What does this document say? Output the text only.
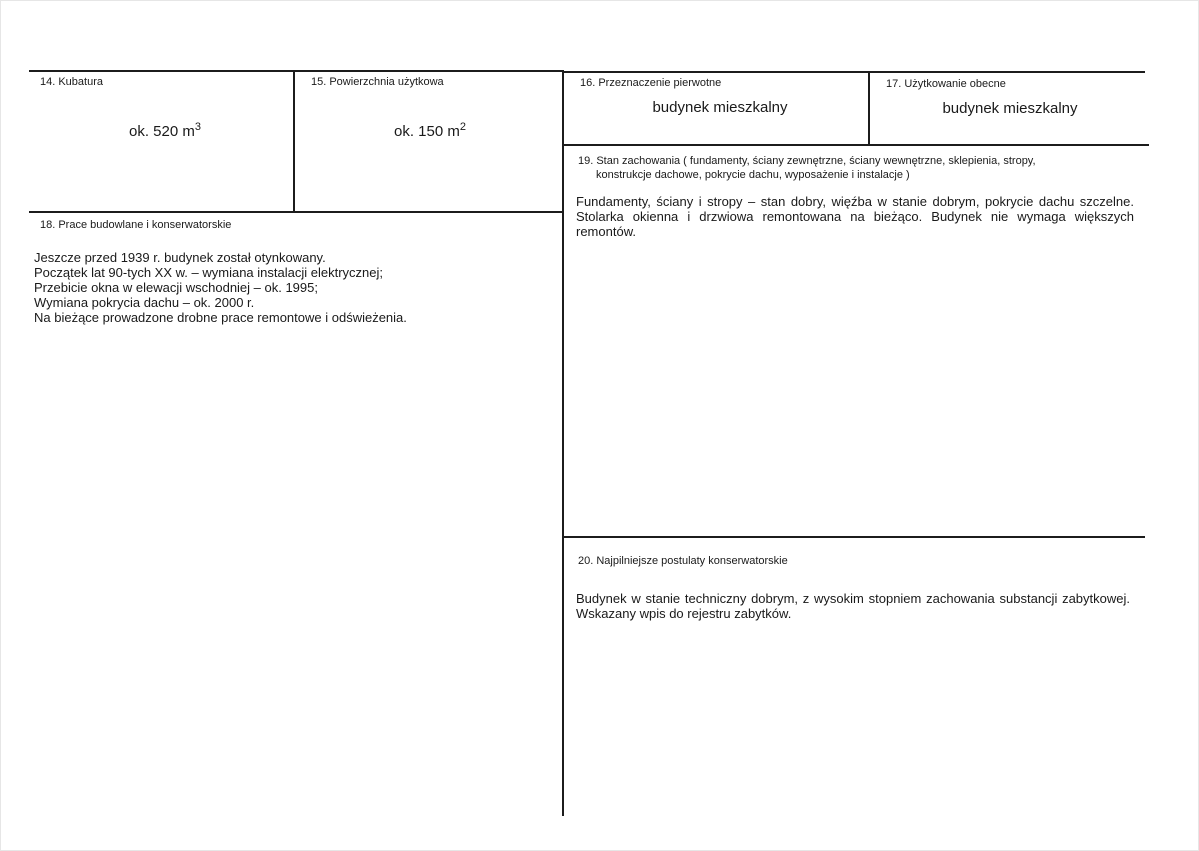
14. Kubatura
ok. 520 $m^3$
15. Powierzchnia użytkowa
ok. 150 $m^2$
16. Przeznaczenie pierwotne
budynek mieszkalny
17. Użytkowanie obecne
budynek mieszkalny
18. Prace budowlane i konserwatorskie
Jeszcze przed 1939 r. budynek został otynkowany.
Początek lat 90-tych XX w. – wymiana instalacji elektrycznej;
Przebicie okna w elewacji wschodniej – ok. 1995;
Wymiana pokrycia dachu – ok. 2000 r.
Na bieżące prowadzone drobne prace remontowe i odświeżenia.
19. Stan zachowania ( fundamenty, ściany zewnętrzne, ściany wewnętrzne, sklepienia, stropy,
konstrukcje dachowe, pokrycie dachu, wyposażenie i instalacje )
Fundamenty, ściany i stropy – stan dobry, więźba w stanie dobrym, pokrycie dachu szczelne. Stolarka okienna i drzwiowa remontowana na bieżąco. Budynek nie wymaga większych remontów.
20. Najpilniejsze postulaty konserwatorskie
Budynek w stanie techniczny dobrym, z wysokim stopniem zachowania substancji zabytkowej. Wskazany wpis do rejestru zabytków.
